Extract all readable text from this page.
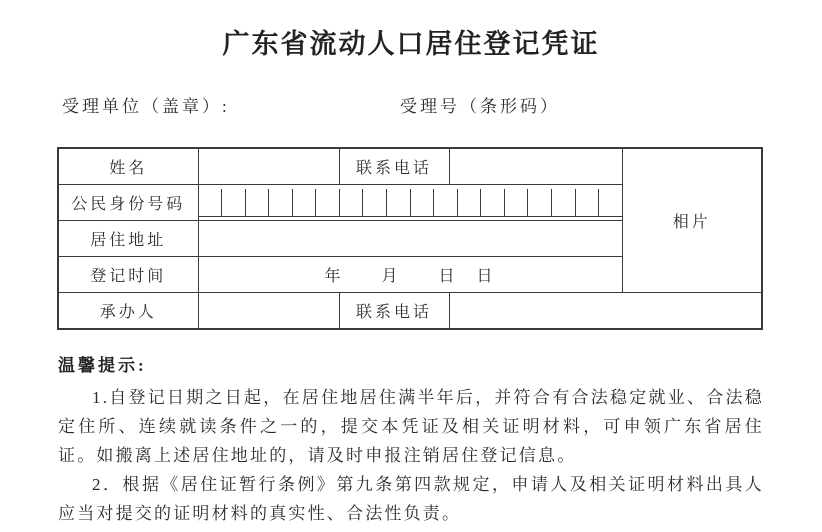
广东省流动人口居住登记凭证
受理单位（盖章）:	受理号（条形码）
姓名		联系电话		相片
公民身份号码				

居住地址				
登记时间	年　　月　　日　日			
承办人		联系电话		
温馨提示:

1.自登记日期之日起，在居住地居住满半年后，并符合有合法稳定就业、合法稳定住所、连续就读条件之一的，提交本凭证及相关证明材料，可申领广东省居住证。如搬离上述居住地址的，请及时申报注销居住登记信息。

2．根据《居住证暂行条例》第九条第四款规定，申请人及相关证明材料出具人应当对提交的证明材料的真实性、合法性负责。
